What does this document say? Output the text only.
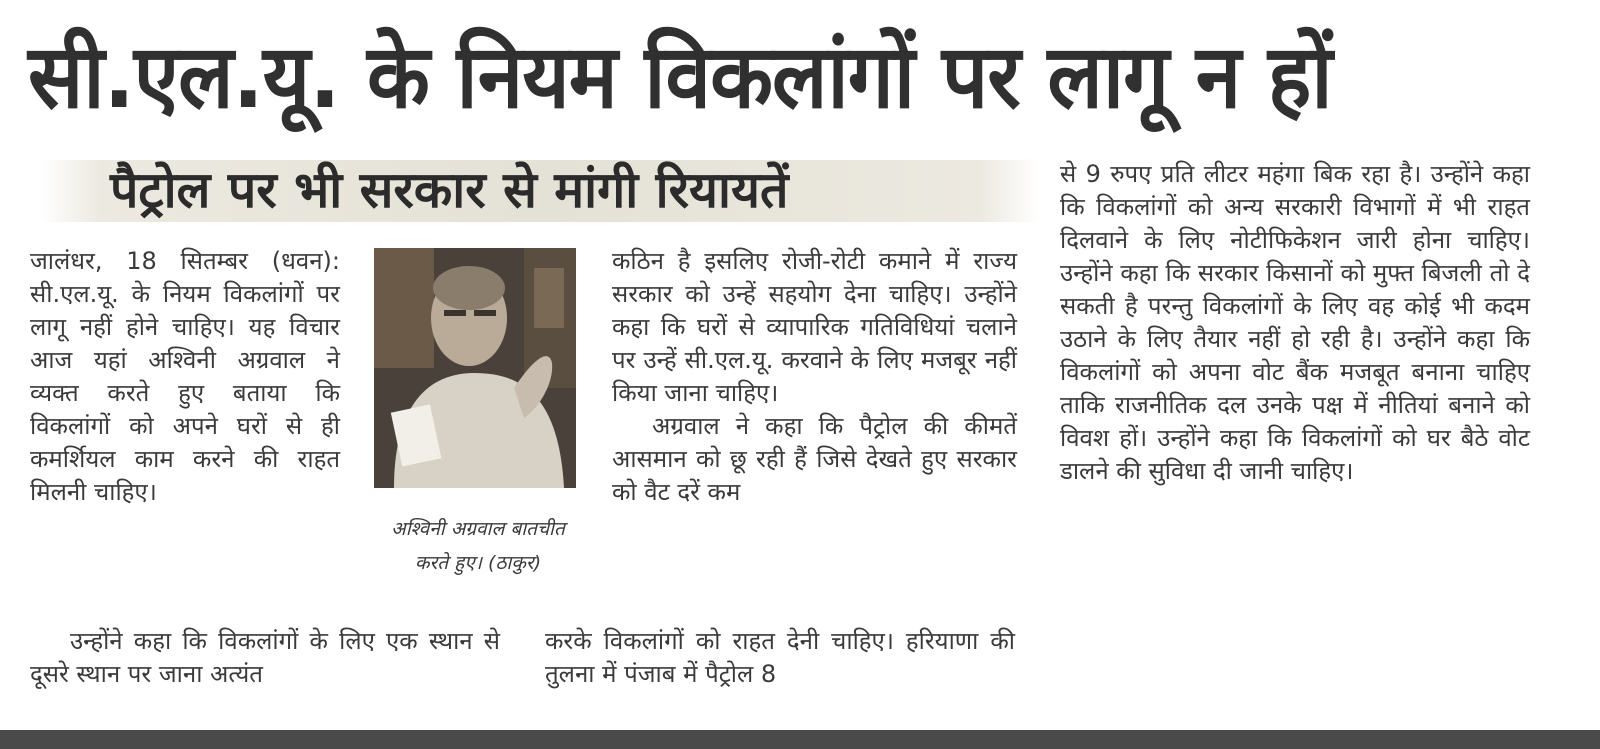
सी.एल.यू. के नियम विकलांगों पर लागू न हों
पैट्रोल पर भी सरकार से मांगी रियायतें

जालंधर, 18 सितम्बर (धवन): सी.एल.यू. के नियम विकलांगों पर लागू नहीं होने चाहिए। यह विचार आज यहां अश्विनी अग्रवाल ने व्यक्त करते हुए बताया कि विकलांगों को अपने घरों से ही कमर्शियल काम करने की राहत मिलनी चाहिए।

अश्विनी अग्रवाल बातचीत करते हुए। (ठाकुर)

कठिन है इसलिए रोजी-रोटी कमाने में राज्य सरकार को उन्हें सहयोग देना चाहिए। उन्होंने कहा कि घरों से व्यापारिक गतिविधियां चलाने पर उन्हें सी.एल.यू. करवाने के लिए मजबूर नहीं किया जाना चाहिए।

अग्रवाल ने कहा कि पैट्रोल की कीमतें आसमान को छू रही हैं जिसे देखते हुए सरकार को वैट दरें कम

उन्होंने कहा कि विकलांगों के लिए एक स्थान से दूसरे स्थान पर जाना अत्यंत

करके विकलांगों को राहत देनी चाहिए। हरियाणा की तुलना में पंजाब में पैट्रोल 8

से 9 रुपए प्रति लीटर महंगा बिक रहा है। उन्होंने कहा कि विकलांगों को अन्य सरकारी विभागों में भी राहत दिलवाने के लिए नोटीफिकेशन जारी होना चाहिए। उन्होंने कहा कि सरकार किसानों को मुफ्त बिजली तो दे सकती है परन्तु विकलांगों के लिए वह कोई भी कदम उठाने के लिए तैयार नहीं हो रही है। उन्होंने कहा कि विकलांगों को अपना वोट बैंक मजबूत बनाना चाहिए ताकि राजनीतिक दल उनके पक्ष में नीतियां बनाने को विवश हों। उन्होंने कहा कि विकलांगों को घर बैठे वोट डालने की सुविधा दी जानी चाहिए।
